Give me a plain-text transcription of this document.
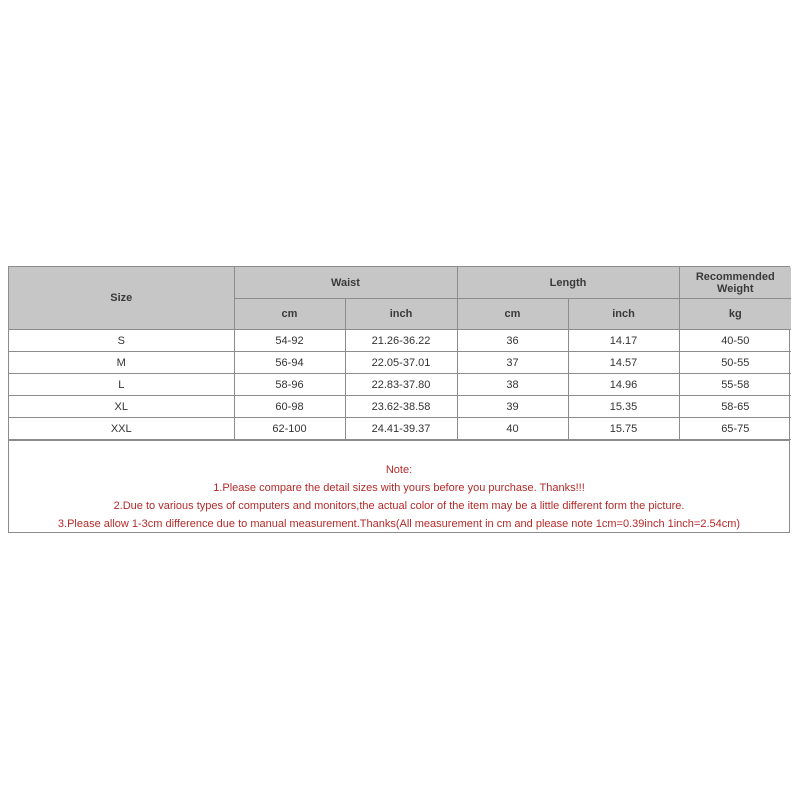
Size	Waist		Length		Recommended Weight
	cm	inch	cm	inch	kg
S	54-92	21.26-36.22	36	14.17	40-50
M	56-94	22.05-37.01	37	14.57	50-55
L	58-96	22.83-37.80	38	14.96	55-58
XL	60-98	23.62-38.58	39	15.35	58-65
XXL	62-100	24.41-39.37	40	15.75	65-75
Note:
1.Please compare the detail sizes with yours before you purchase. Thanks!!!
2.Due to various types of computers and monitors,the actual color of the item may be a little different form the picture.
3.Please allow 1-3cm difference due to manual measurement.Thanks(All measurement in cm and please note 1cm=0.39inch 1inch=2.54cm)
